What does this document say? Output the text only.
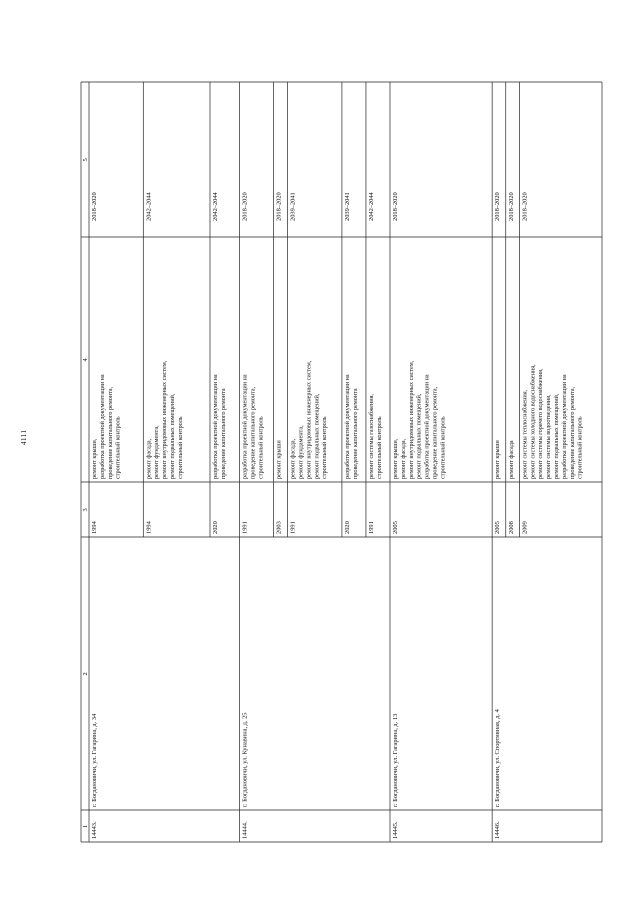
4111
1
2
3
4
5
14443.
г. Богдановичи, ул. Гагарина, д. 34
1994
ремонт крыши, разработка проектной документации на проведение капитального ремонта, строительный контроль
2018–2020
1994
ремонт фасада, ремонт фундамента, ремонт внутридомовых инженерных систем, ремонт подвальных помещений, строительный контроль
2042–2044
2020
разработка проектной документации на проведение капитального ремонта
2042–2044
14444.
г. Богдановичи, ул. Кунавина, д. 25
1991
разработка проектной документации на проведение капитального ремонта, строительный контроль
2018–2020
2003
ремонт крыши
2018–2020
1991
ремонт фасада, ремонт фундамента, ремонт внутридомовых инженерных систем, ремонт подвальных помещений, строительный контроль
2039–2041
2020
разработка проектной документации на проведение капитального ремонта
2039–2041
1991
ремонт системы газоснабжения, строительный контроль
2042–2044
14445.
г. Богдановичи, ул. Гагарина, д. 13
2005
ремонт крыши, ремонт фасада, ремонт внутридомовых инженерных систем, ремонт подвальных помещений, разработка проектной документации на проведение капитального ремонта, строительный контроль
2018–2020
14446.
г. Богдановичи, ул. Спортивная, д. 4
2005
ремонт крыши
2018–2020
2008
ремонт фасада
2018–2020
2009
ремонт системы теплоснабжения, ремонт системы холодного водоснабжения, ремонт системы горячего водоснабжения, ремонт системы водоотведения, ремонт подвальных помещений, разработка проектной документации на проведение капитального ремонта, строительный контроль
2018–2020
